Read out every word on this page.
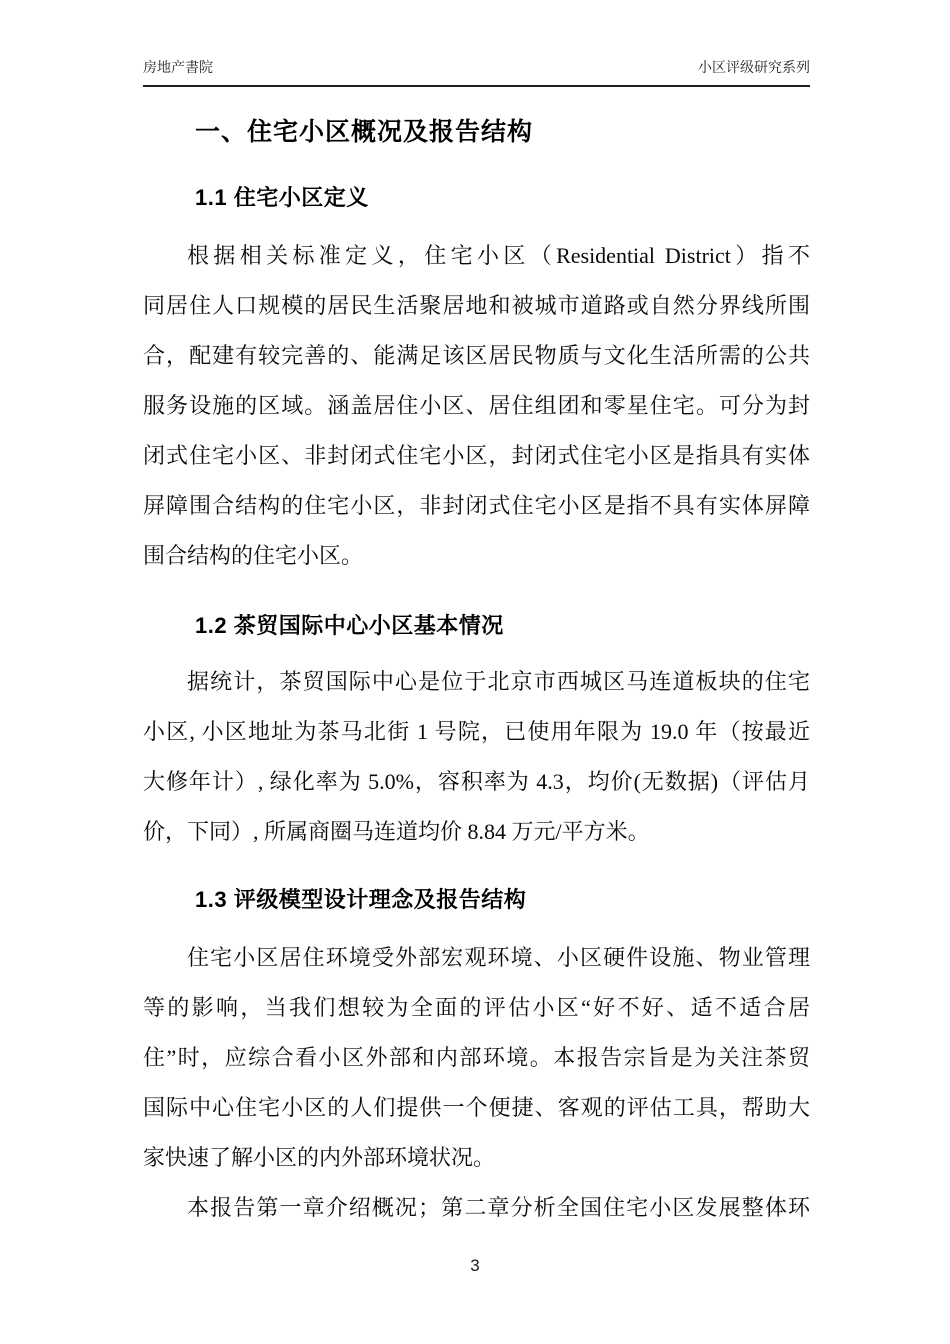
房地产書院	小区评级研究系列
一、住宅小区概况及报告结构
1.1 住宅小区定义
根据相关标准定义，住宅小区（Residential District）指不
同居住人口规模的居民生活聚居地和被城市道路或自然分界线所围
合，配建有较完善的、能满足该区居民物质与文化生活所需的公共
服务设施的区域。涵盖居住小区、居住组团和零星住宅。可分为封
闭式住宅小区、非封闭式住宅小区，封闭式住宅小区是指具有实体
屏障围合结构的住宅小区，非封闭式住宅小区是指不具有实体屏障
围合结构的住宅小区。
1.2 茶贸国际中心小区基本情况
据统计，茶贸国际中心是位于北京市西城区马连道板块的住宅
小区, 小区地址为茶马北街 1 号院，已使用年限为 19.0 年（按最近
大修年计）, 绿化率为 5.0%，容积率为 4.3，均价(无数据)（评估月
价，下同）, 所属商圈马连道均价 8.84 万元/平方米。
1.3 评级模型设计理念及报告结构
住宅小区居住环境受外部宏观环境、小区硬件设施、物业管理
等的影响，当我们想较为全面的评估小区“好不好、适不适合居
住”时，应综合看小区外部和内部环境。本报告宗旨是为关注茶贸
国际中心住宅小区的人们提供一个便捷、客观的评估工具，帮助大
家快速了解小区的内外部环境状况。
本报告第一章介绍概况；第二章分析全国住宅小区发展整体环
3
